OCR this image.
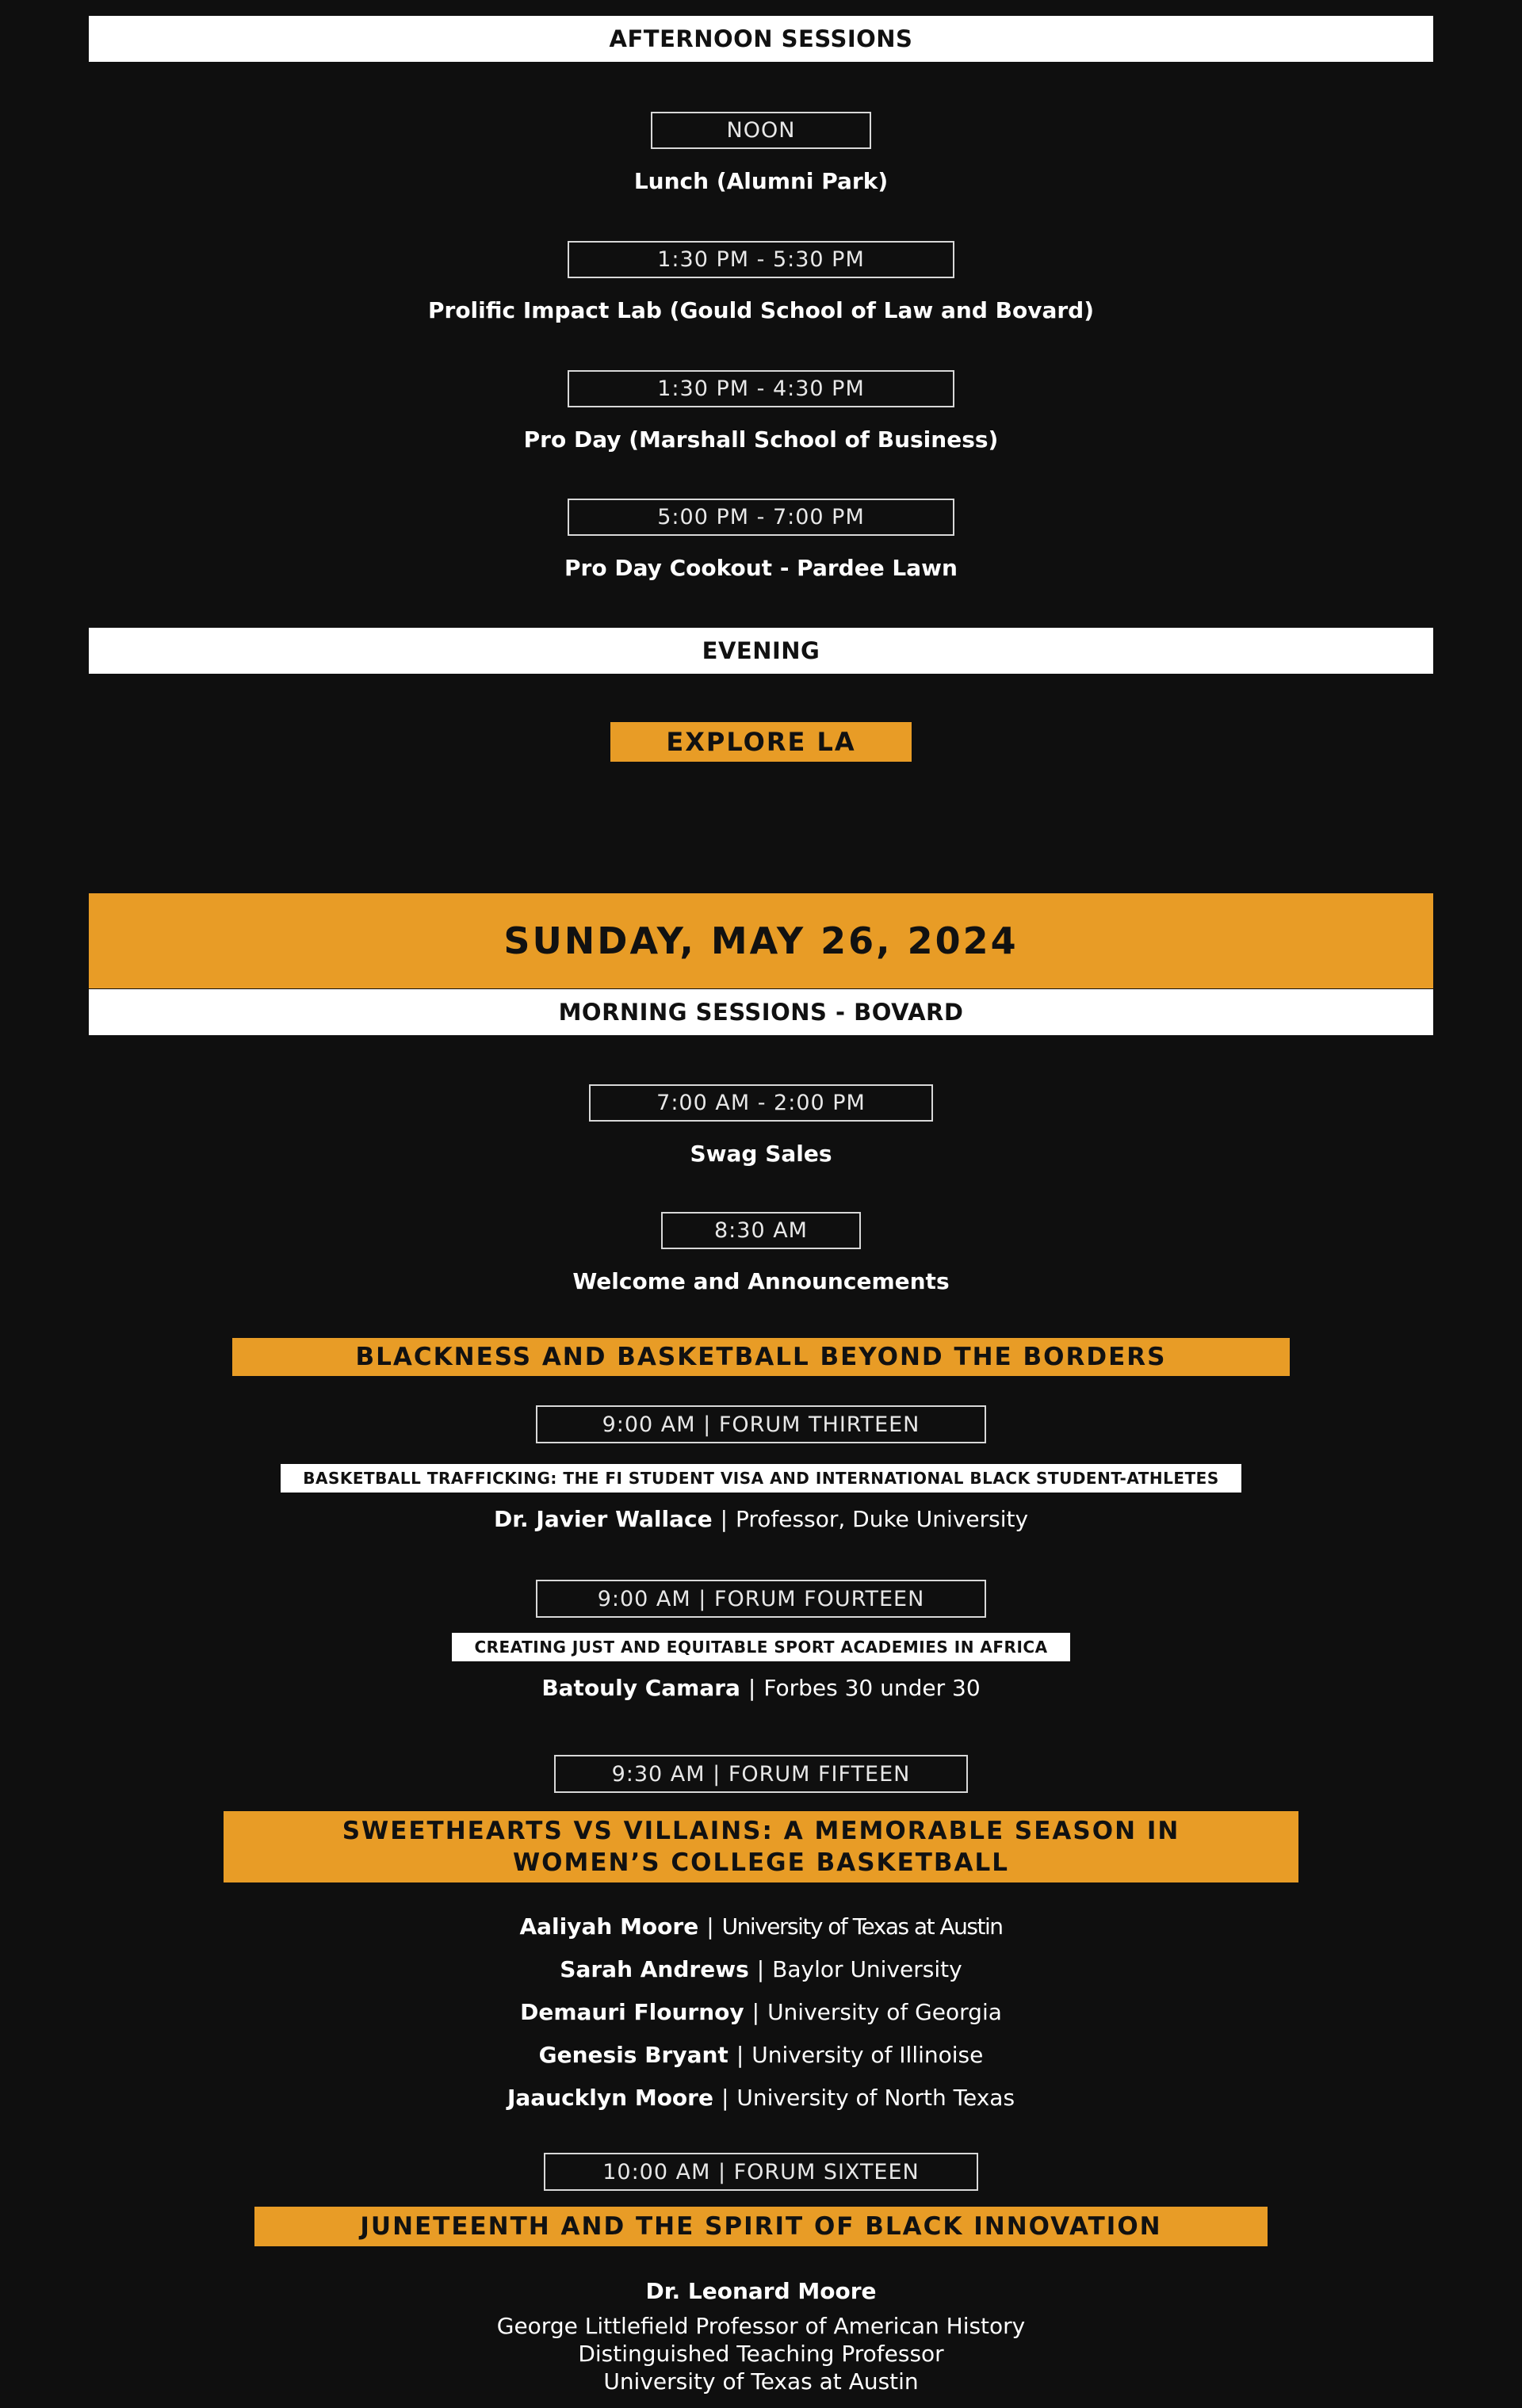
AFTERNOON SESSIONS
NOON
Lunch (Alumni Park)
1:30 PM - 5:30 PM
Prolific Impact Lab (Gould School of Law and Bovard)
1:30 PM - 4:30 PM
Pro Day (Marshall School of Business)
5:00 PM - 7:00 PM
Pro Day Cookout - Pardee Lawn
EVENING
EXPLORE LA
SUNDAY, MAY 26, 2024
MORNING SESSIONS - BOVARD
7:00 AM - 2:00 PM
Swag Sales
8:30 AM
Welcome and Announcements
BLACKNESS AND BASKETBALL BEYOND THE BORDERS
9:00 AM | FORUM THIRTEEN
BASKETBALL TRAFFICKING: THE FI STUDENT VISA AND INTERNATIONAL BLACK STUDENT-ATHLETES
Dr. Javier Wallace | Professor, Duke University
9:00 AM | FORUM FOURTEEN
CREATING JUST AND EQUITABLE SPORT ACADEMIES IN AFRICA
Batouly Camara | Forbes 30 under 30
9:30 AM | FORUM FIFTEEN
SWEETHEARTS VS VILLAINS: A MEMORABLE SEASON IN
WOMEN’S COLLEGE BASKETBALL
Aaliyah Moore | University of Texas at Austin
Sarah Andrews | Baylor University
Demauri Flournoy | University of Georgia
Genesis Bryant | University of Illinoise
Jaaucklyn Moore | University of North Texas
10:00 AM | FORUM SIXTEEN
JUNETEENTH AND THE SPIRIT OF BLACK INNOVATION
Dr. Leonard Moore
George Littlefield Professor of American History
Distinguished Teaching Professor
University of Texas at Austin
